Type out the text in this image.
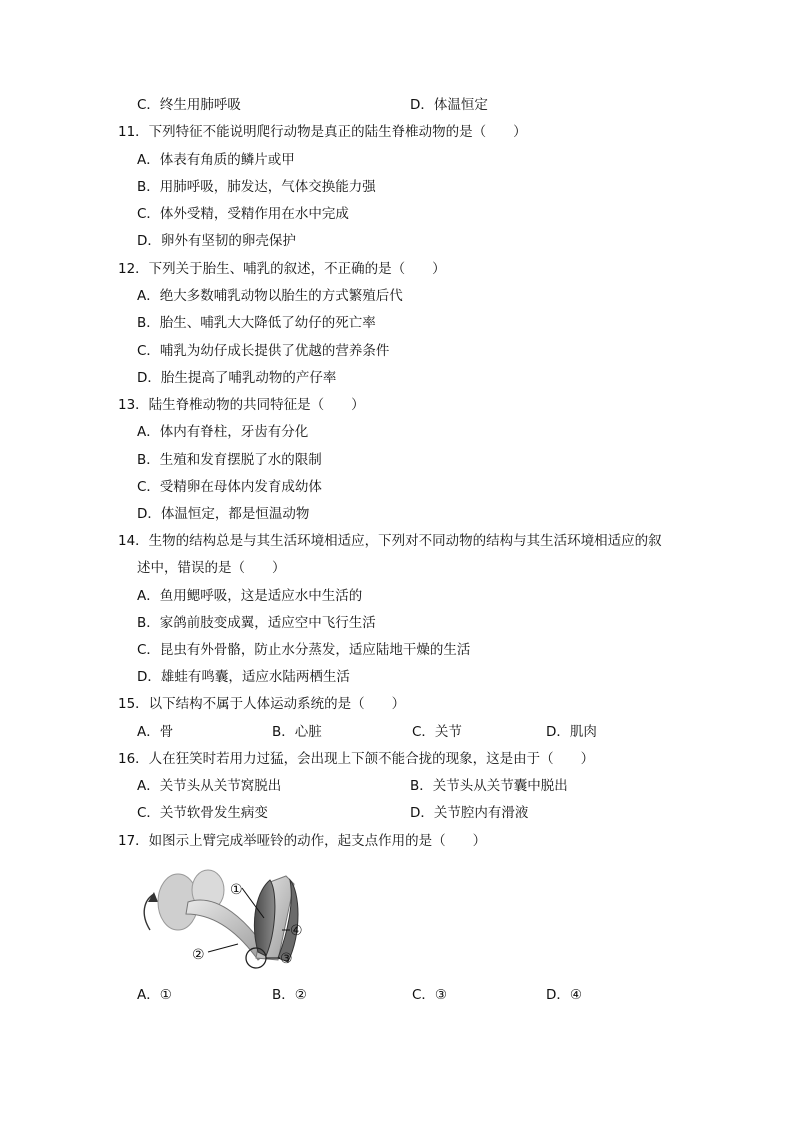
C．终生用肺呼吸	D．体温恒定
11．下列特征不能说明爬行动物是真正的陆生脊椎动物的是（　　）
A．体表有角质的鳞片或甲
B．用肺呼吸，肺发达，气体交换能力强
C．体外受精，受精作用在水中完成
D．卵外有坚韧的卵壳保护
12．下列关于胎生、哺乳的叙述，不正确的是（　　）
A．绝大多数哺乳动物以胎生的方式繁殖后代
B．胎生、哺乳大大降低了幼仔的死亡率
C．哺乳为幼仔成长提供了优越的营养条件
D．胎生提高了哺乳动物的产仔率
13．陆生脊椎动物的共同特征是（　　）
A．体内有脊柱，牙齿有分化
B．生殖和发育摆脱了水的限制
C．受精卵在母体内发育成幼体
D．体温恒定，都是恒温动物
14．生物的结构总是与其生活环境相适应，下列对不同动物的结构与其生活环境相适应的叙
述中，错误的是（　　）
A．鱼用鳃呼吸，这是适应水中生活的
B．家鸽前肢变成翼，适应空中飞行生活
C．昆虫有外骨骼，防止水分蒸发，适应陆地干燥的生活
D．雄蛙有鸣囊，适应水陆两栖生活
15．以下结构不属于人体运动系统的是（　　）
A．骨	B．心脏	C．关节	D．肌肉
16．人在狂笑时若用力过猛，会出现上下颌不能合拢的现象，这是由于（　　）
A．关节头从关节窝脱出	B．关节头从关节囊中脱出
C．关节软骨发生病变	D．关节腔内有滑液
17．如图示上臂完成举哑铃的动作，起支点作用的是（　　）
①
④
②	③
A．①	B．②	C．③	D．④
